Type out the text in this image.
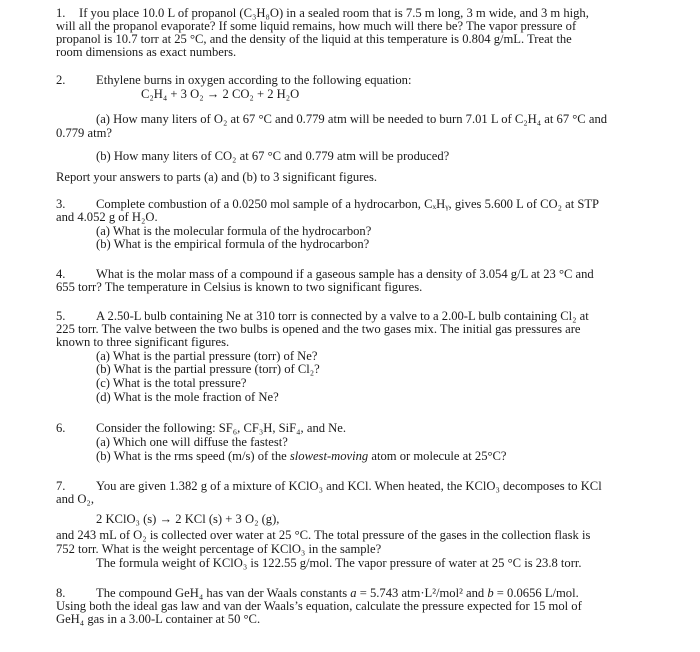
1. If you place 10.0 L of propanol (C₃H₈O) in a sealed room that is 7.5 m long, 3 m wide, and 3 m high,
will all the propanol evaporate? If some liquid remains, how much will there be? The vapor pressure of
propanol is 10.7 torr at 25 °C, and the density of the liquid at this temperature is 0.804 g/mL. Treat the
room dimensions as exact numbers.
2. Ethylene burns in oxygen according to the following equation:
C₂H₄ + 3 O₂ → 2 CO₂ + 2 H₂O
(a) How many liters of O₂ at 67 °C and 0.779 atm will be needed to burn 7.01 L of C₂H₄ at 67 °C and
0.779 atm?
(b) How many liters of CO₂ at 67 °C and 0.779 atm will be produced?
Report your answers to parts (a) and (b) to 3 significant figures.
3. Complete combustion of a 0.0250 mol sample of a hydrocarbon, CₓHᵧ, gives 5.600 L of CO₂ at STP
and 4.052 g of H₂O.
(a) What is the molecular formula of the hydrocarbon?
(b) What is the empirical formula of the hydrocarbon?
4. What is the molar mass of a compound if a gaseous sample has a density of 3.054 g/L at 23 °C and
655 torr? The temperature in Celsius is known to two significant figures.
5. A 2.50-L bulb containing Ne at 310 torr is connected by a valve to a 2.00-L bulb containing Cl₂ at
225 torr. The valve between the two bulbs is opened and the two gases mix. The initial gas pressures are
known to three significant figures.
(a) What is the partial pressure (torr) of Ne?
(b) What is the partial pressure (torr) of Cl₂?
(c) What is the total pressure?
(d) What is the mole fraction of Ne?
6. Consider the following: SF₆, CF₃H, SiF₄, and Ne.
(a) Which one will diffuse the fastest?
(b) What is the rms speed (m/s) of the slowest-moving atom or molecule at 25°C?
7. You are given 1.382 g of a mixture of KClO₃ and KCl. When heated, the KClO₃ decomposes to KCl
and O₂,
2 KClO₃ (s) → 2 KCl (s) + 3 O₂ (g),
and 243 mL of O₂ is collected over water at 25 °C. The total pressure of the gases in the collection flask is
752 torr. What is the weight percentage of KClO₃ in the sample?
The formula weight of KClO₃ is 122.55 g/mol. The vapor pressure of water at 25 °C is 23.8 torr.
8. The compound GeH₄ has van der Waals constants a = 5.743 atm·L²/mol² and b = 0.0656 L/mol.
Using both the ideal gas law and van der Waals’s equation, calculate the pressure expected for 15 mol of
GeH₄ gas in a 3.00-L container at 50 °C.
